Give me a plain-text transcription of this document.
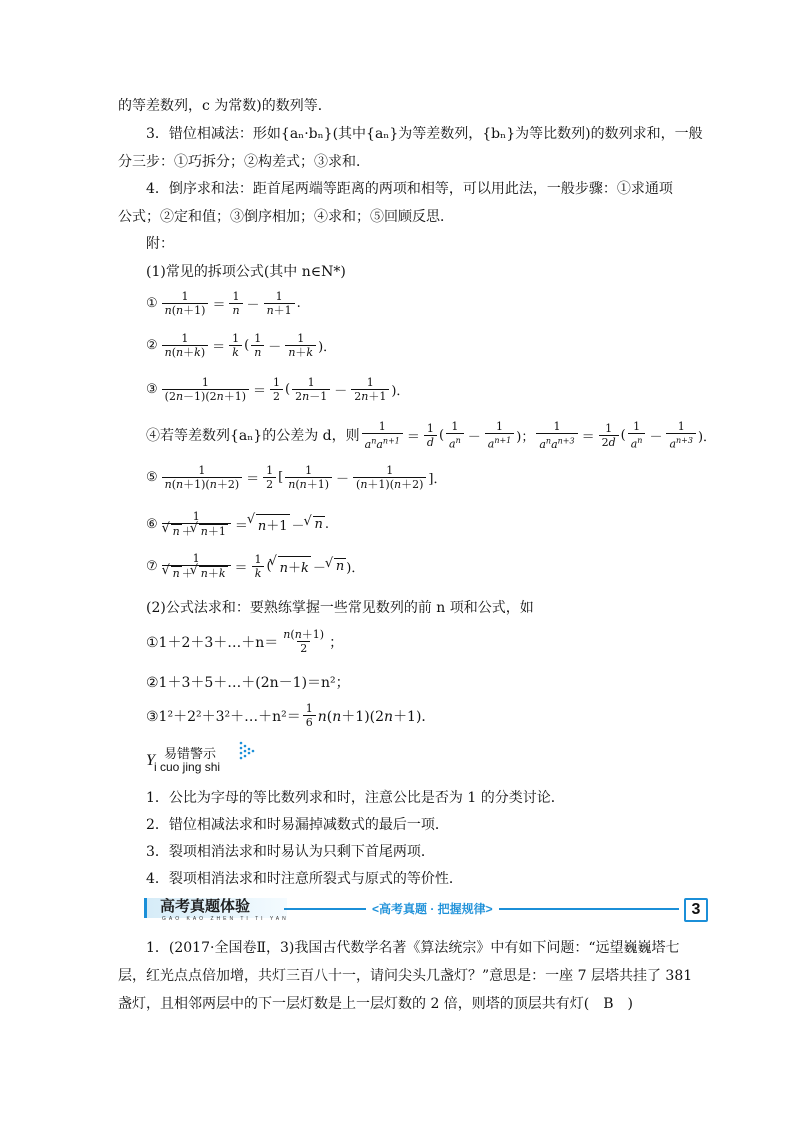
的等差数列，c 为常数)的数列等．
3．错位相减法：形如{aₙ·bₙ}(其中{aₙ}为等差数列，{bₙ}为等比数列)的数列求和，一般
分三步：①巧拆分；②构差式；③求和．
4．倒序求和法：距首尾两端等距离的两项和相等，可以用此法，一般步骤：①求通项
公式；②定和值；③倒序相加；④求和；⑤回顾反思．
附：
(1)常见的拆项公式(其中 n∈N*)
① $\frac{1}{n(n+1)} = \frac{1}{n} - \frac{1}{n+1}$ .
② $\frac{1}{n(n+k)} = \frac{1}{k}$ ( $\frac{1}{n} - \frac{1}{n+k}$ )．
③ $\frac{1}{(2n-1)(2n+1)} = \frac{1}{2}$ ( $\frac{1}{2n-1} - \frac{1}{2n+1}$ )．
④若等差数列{aₙ}的公差为 d，则 $\frac{1}{a^na^{n+1}} = \frac{1}{d}$ ( $\frac{1}{a^n} - \frac{1}{a^{n+1}}$ )； $\frac{1}{a^na^{n+3}} = \frac{1}{2d}$ ( $\frac{1}{a^n} - \frac{1}{a^{n+3}}$ )．
⑤ $\frac{1}{n(n+1)(n+2)} = \frac{1}{2}$ [ $\frac{1}{n(n+1)} - \frac{1}{(n+1)(n+2)}$ ]．
⑥ 1
√ n ＋ √ n＋1 ＝ √ n＋1 － √ n .
⑦ 1
√ n ＋ √ $n+k = \frac{1}{k}$ ( √ n＋k － √ n )．
(2)公式法求和：要熟练掌握一些常见数列的前 n 项和公式，如
①1＋2＋3＋…＋n＝ $\frac{n(n+1)}{2}$ ；
②1＋3＋5＋…＋(2n－1)＝n²；
③1²＋2²＋3²＋…＋n²＝ $\frac{1}{6} n(n+1)(2n+1)$．
Y 易错警示
i cuo jing shi
1．公比为字母的等比数列求和时，注意公比是否为 1 的分类讨论．
2．错位相减法求和时易漏掉减数式的最后一项．
3．裂项相消法求和时易认为只剩下首尾两项．
4．裂项相消法求和时注意所裂式与原式的等价性．
高考真题体验
GAO KAO ZHEN TI TI YAN
<高考真题 · 把握规律>	3
1．(2017·全国卷Ⅱ，3)我国古代数学名著《算法统宗》中有如下问题：“远望巍巍塔七
层，红光点点倍加增，共灯三百八十一，请问尖头几盏灯？”意思是：一座 7 层塔共挂了 381
盏灯，且相邻两层中的下一层灯数是上一层灯数的 2 倍，则塔的顶层共有灯(　B　)
